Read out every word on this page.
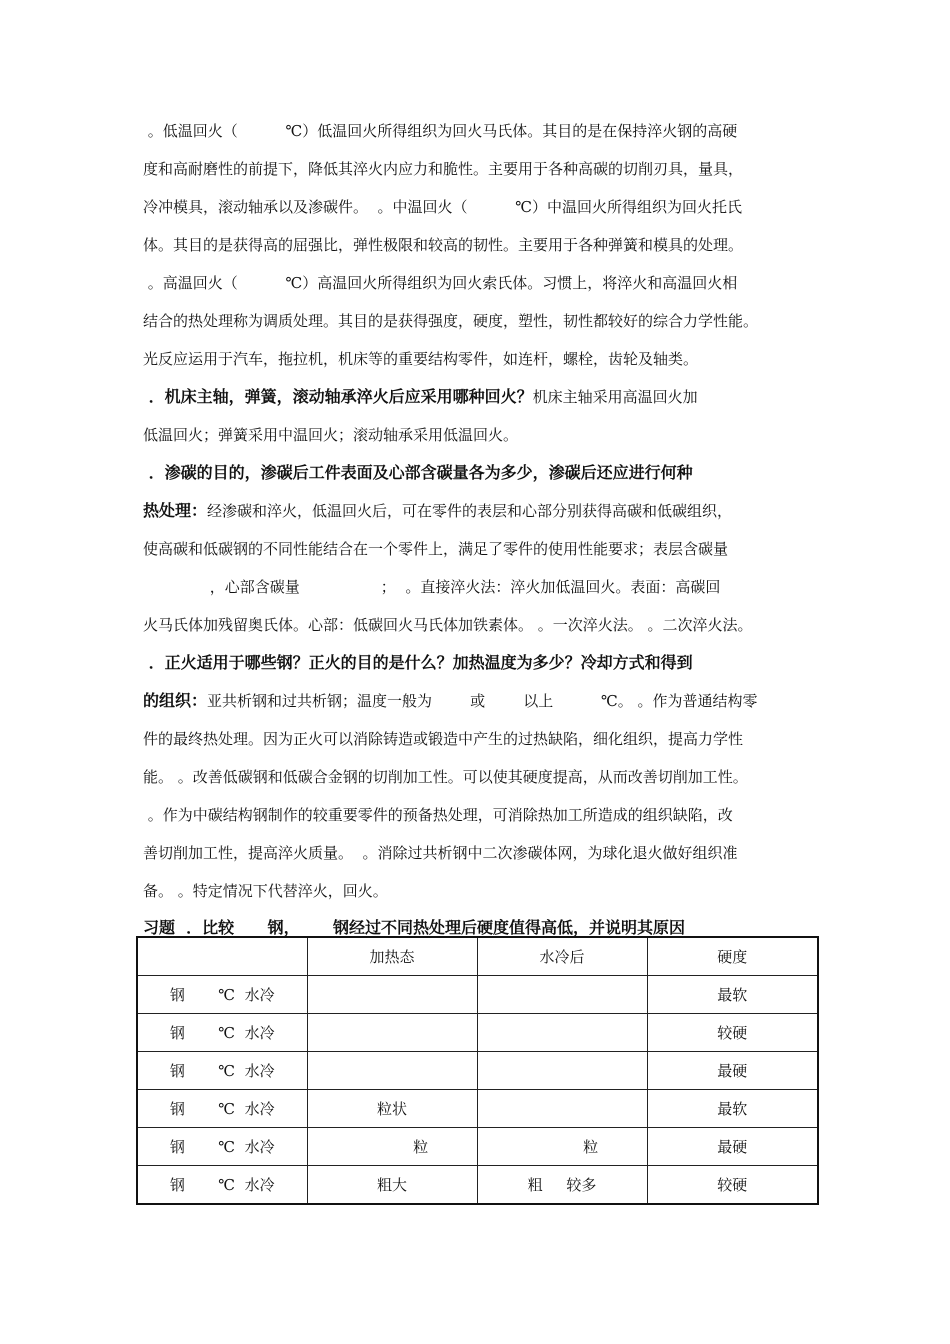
。低温回火（          ℃）低温回火所得组织为回火马氏体。其目的是在保持淬火钢的高硬
度和高耐磨性的前提下，降低其淬火内应力和脆性。主要用于各种高碳的切削刃具，量具，
冷冲模具，滚动轴承以及渗碳件。  。中温回火（          ℃）中温回火所得组织为回火托氏
体。其目的是获得高的屈强比，弹性极限和较高的韧性。主要用于各种弹簧和模具的处理。
。高温回火（          ℃）高温回火所得组织为回火索氏体。习惯上，将淬火和高温回火相
结合的热处理称为调质处理。其目的是获得强度，硬度，塑性，韧性都较好的综合力学性能。
光反应运用于汽车，拖拉机，机床等的重要结构零件，如连杆，螺栓，齿轮及轴类。
．机床主轴，弹簧，滚动轴承淬火后应采用哪种回火？机床主轴采用高温回火加
低温回火；弹簧采用中温回火；滚动轴承采用低温回火。
．渗碳的目的，渗碳后工件表面及心部含碳量各为多少，渗碳后还应进行何种
热处理：经渗碳和淬火，低温回火后，可在零件的表层和心部分别获得高碳和低碳组织，
使高碳和低碳钢的不同性能结合在一个零件上，满足了零件的使用性能要求；表层含碳量
，心部含碳量                 ；  。直接淬火法：淬火加低温回火。表面：高碳回
火马氏体加残留奥氏体。心部：低碳回火马氏体加铁素体。 。一次淬火法。 。二次淬火法。
．正火适用于哪些钢？正火的目的是什么？加热温度为多少？冷却方式和得到
的组织：亚共析钢和过共析钢；温度一般为        或        以上          ℃。 。作为普通结构零
件的最终热处理。因为正火可以消除铸造或锻造中产生的过热缺陷，细化组织，提高力学性
能。 。改善低碳钢和低碳合金钢的切削加工性。可以使其硬度提高，从而改善切削加工性。
。作为中碳结构钢制作的较重要零件的预备热处理，可消除热加工所造成的组织缺陷，改
善切削加工性，提高淬火质量。  。消除过共析钢中二次渗碳体网，为球化退火做好组织准
备。 。特定情况下代替淬火，回火。
习题  ．比较      钢，      钢经过不同热处理后硬度值得高低，并说明其原因
	加热态	水冷后	硬度
钢       ℃  水冷			最软
钢       ℃  水冷			较硬
钢       ℃  水冷			最硬
钢       ℃  水冷	粒状		最软
钢       ℃  水冷	粒	粒	最硬
钢       ℃  水冷	粗大	粗     较多	较硬
